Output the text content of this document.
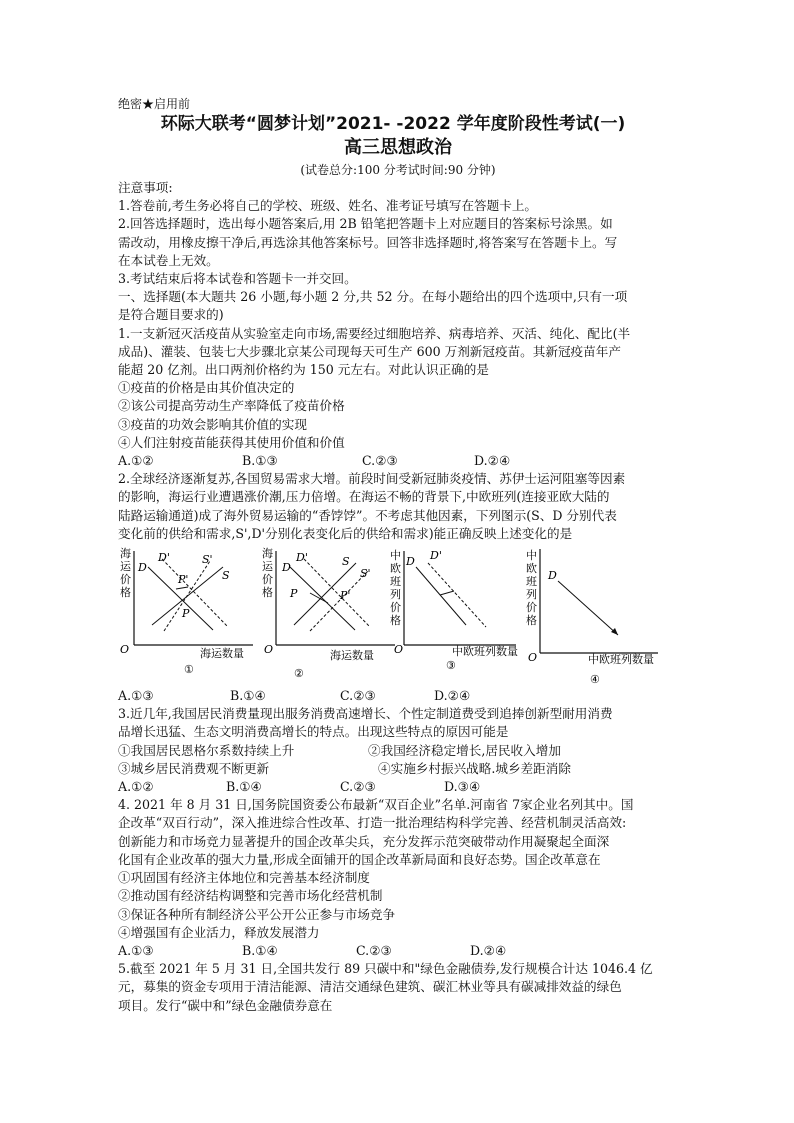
绝密★启用前
环际大联考“圆梦计划”2021- -2022 学年度阶段性考试(一)
高三思想政治
(试卷总分:100 分考试时间:90 分钟)
注意事项:
1.答卷前,考生务必将自己的学校、班级、姓名、准考证号填写在答题卡上。
2.回答选择题时，选出每小题答案后,用 2B 铅笔把答题卡上对应题目的答案标号涂黑。如
需改动，用橡皮擦干净后,再选涂其他答案标号。回答非选择题时,将答案写在答题卡上。写
在本试卷上无效。
3.考试结束后将本试卷和答题卡一并交回。
一、选择题(本大题共 26 小题,每小题 2 分,共 52 分。在每小题给出的四个选项中,只有一项
是符合题目要求的)
1.一支新冠灭活疫苗从实验室走向市场,需要经过细胞培养、病毒培养、灭活、纯化、配比(半
成品)、灌装、包装七大步骤北京某公司现每天可生产 600 万剂新冠疫苗。其新冠疫苗年产
能超 20 亿剂。出口两剂价格约为 150 元左右。对此认识正确的是
①疫苗的价格是由其价值决定的
②该公司提高劳动生产率降低了疫苗价格
③疫苗的功效会影响其价值的实现
④人们注射疫苗能获得其使用价值和价值
A.①②	B.①③	C.②③	D.②④
2.全球经济逐渐复苏,各国贸易需求大增。前段时间受新冠肺炎疫情、苏伊士运河阻塞等因素
的影响，海运行业遭遇涨价潮,压力倍增。在海运不畅的背景下,中欧班列(连接亚欧大陆的
陆路运输通道)成了海外贸易运输的“香饽饽”。不考虑其他因素，下列图示(S、D 分别代表
变化前的供给和需求,S',D'分别化表变化后的供给和需求)能正确反映上述变化的是
海
运
价
格
O	海运数量
①
D
D'	S'
S
P'
P
海
运
价
格
O	海运数量
②
D
D'	S
S'
P	P'
中
欧
班
列
价
格
O	中欧班列数量
③
D D'	中
欧
班
列
价
格
O	中欧班列数量
④
D
A.①③	B.①④	C.②③	D.②④
3.近几年,我国居民消费量现出服务消费高速增长、个性定制道费受到追捧创新型耐用消费
品增长迅猛、生态文明消费高增长的特点。出现这些特点的原因可能是
①我国居民恩格尔系数持续上升	②我国经济稳定增长,居民收入增加
③城乡居民消费观不断更新	④实施乡村振兴战略.城乡差距消除
A.①②	B.①④	C.②③	D.③④
4. 2021 年 8 月 31 日,国务院国资委公布最新“双百企业”名单.河南省 7家企业名列其中。国
企改革“双百行动”，深入推进综合性改革、打造一批治理结构科学完善、经营机制灵活高效:
创新能力和市场竞力显著提升的国企改革尖兵，充分发挥示范突破带动作用凝聚起全面深
化国有企业改革的强大力量,形成全面铺开的国企改革新局面和良好态势。国企改革意在
①巩固国有经济主体地位和完善基本经济制度
②推动国有经济结构调整和完善市场化经营机制
③保证各种所有制经济公平公开公正参与市场竞争
④增强国有企业活力，释放发展潜力
A.①③	B.①④	C.②③	D.②④
5.截至 2021 年 5 月 31 日,全国共发行 89 只碳中和"绿色金融债券,发行规模合计达 1046.4 亿
元，募集的资金专项用于清洁能源、清洁交通绿色建筑、碳汇林业等具有碳减排效益的绿色
项目。发行“碳中和”绿色金融债券意在
